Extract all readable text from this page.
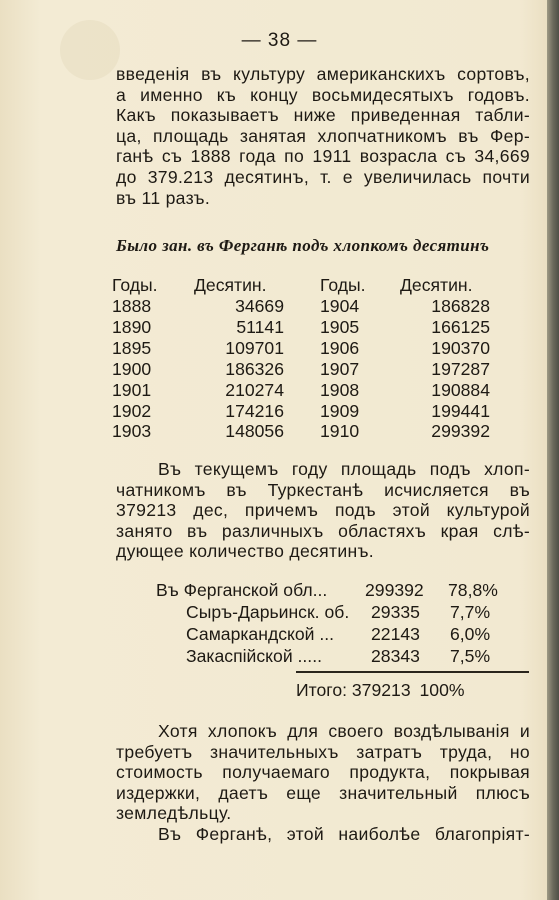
— 38 —
введенія въ культуру американскихъ сортовъ,
а именно къ концу восьмидесятыхъ годовъ.
Какъ показываетъ ниже приведенная табли-
ца, площадь занятая хлопчатникомъ въ Фер-
ганѣ съ 1888 года по 1911 возрасла съ 34,669
до 379.213 десятинъ, т. е увеличилась почти
въ 11 разъ.
Было зан. въ Ферганѣ подъ хлопкомъ десятинъ
Годы.	Десятин.	Годы.	Десятин.
1888	34669	1904	186828
1890	51141	1905	166125
1895	109701	1906	190370
1900	186326	1907	197287
1901	210274	1908	190884
1902	174216	1909	199441
1903	148056	1910	299392
Въ текущемъ году площадь подъ хлоп-
чатникомъ въ Туркестанѣ исчисляется въ
379213 дес, причемъ подъ этой культурой
занято въ различныхъ областяхъ края слѣ-
дующее количество десятинъ.
Въ Ферганской обл... 299392 78,8%
Сыръ-Дарьинск. об. 29335 7,7%
Самаркандской ... 22143 6,0%
Закаспійской .....	28343 7,5%
Итого: 379213 100%
Хотя хлопокъ для своего воздѣлыванія и
требуетъ значительныхъ затратъ труда, но
стоимость получаемаго продукта, покрывая
издержки, даетъ еще значительный плюсъ
земледѣльцу.
Въ Ферганѣ, этой наиболѣе благопріят-
